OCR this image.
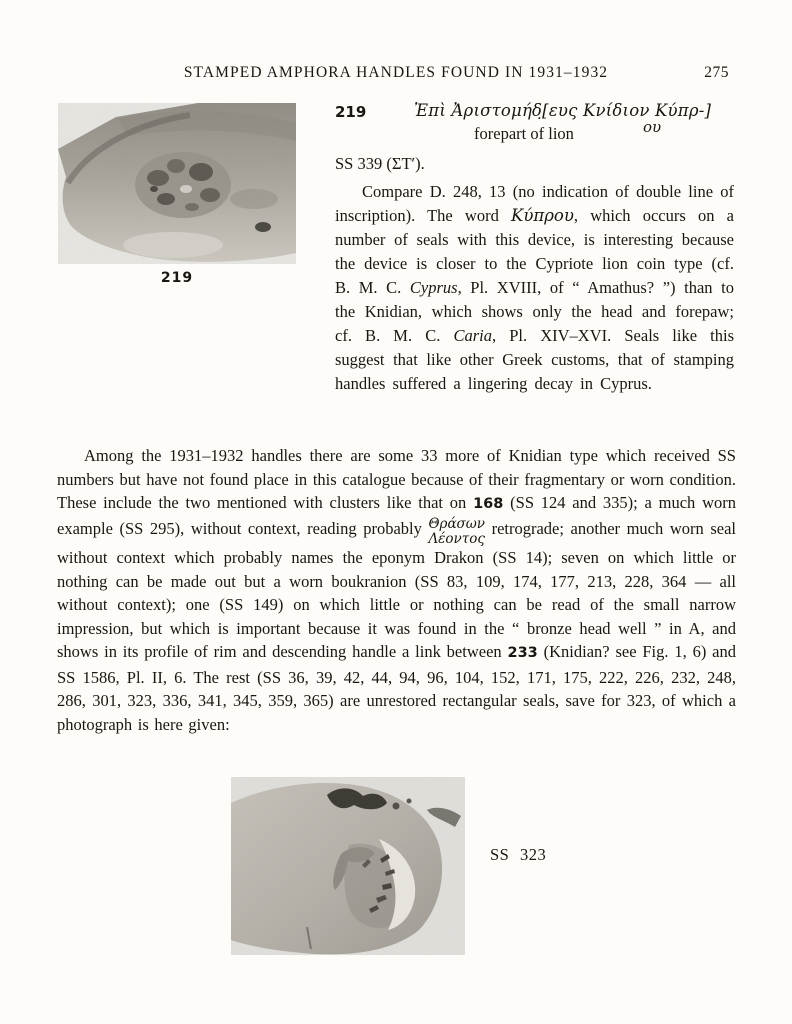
STAMPED AMPHORA HANDLES FOUND IN 1931–1932	275
219
219	Ἐπὶ Ἀριστομήδ̣[ευς Κνίδιον Κύπρ-]
forepart of lion	ου
SS 339 (ΣΤʹ).

Compare D. 248, 13 (no indication of double line of inscription). The word Κύπρου, which occurs on a number of seals with this device, is interesting because the device is closer to the Cypriote lion coin type (cf. B. M. C. Cyprus, Pl. XVIII, of “ Amathus? ”) than to the Knidian, which shows only the head and forepaw; cf. B. M. C. Caria, Pl. XIV–XVI. Seals like this suggest that like other Greek customs, that of stamping handles suffered a lingering decay in Cyprus.

Among the 1931–1932 handles there are some 33 more of Knidian type which received SS numbers but have not found place in this catalogue because of their fragmentary or worn condition. These include the two mentioned with clusters like that on 168 (SS 124 and 335); a much worn example (SS 295), without context, reading probably Θράσων
Λέοντος
retrograde; another much worn seal without context which probably names the eponym Drakon (SS 14); seven on which little or nothing can be made out but a worn boukranion (SS 83, 109, 174, 177, 213, 228, 364 — all without context); one (SS 149) on which little or nothing can be read of the small narrow impression, but which is important because it was found in the “ bronze head well ” in A, and shows in its profile of rim and descending handle a link between 233 (Knidian? see Fig. 1, 6) and SS 1586, Pl. II, 6. The rest (SS 36, 39, 42, 44, 94, 96, 104, 152, 171, 175, 222, 226, 232, 248, 286, 301, 323, 336, 341, 345, 359, 365) are unrestored rectangular seals, save for 323, of which a photograph is here given:

SS 323
